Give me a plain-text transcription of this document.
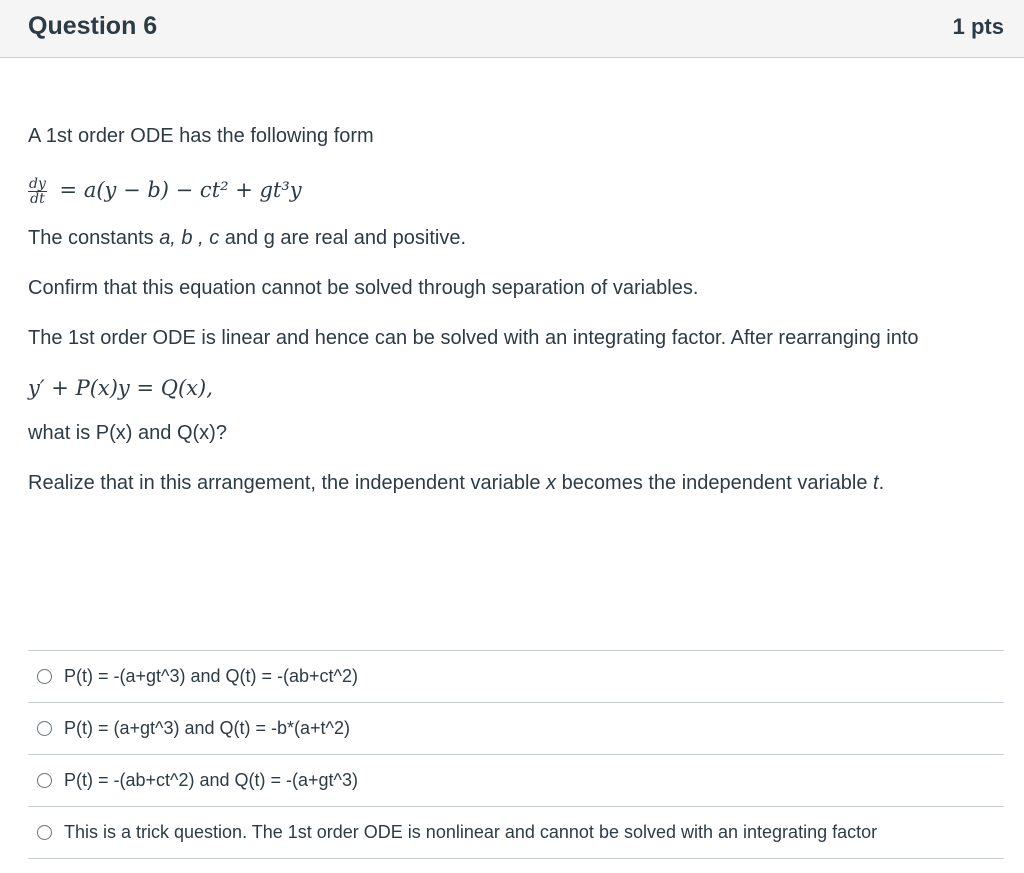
Question 6	1 pts

A 1st order ODE has the following form

$\frac{dy}{dt} = a(y - b) - ct^2 + gt^3y$

The constants a, b , c and g are real and positive.

Confirm that this equation cannot be solved through separation of variables.

The 1st order ODE is linear and hence can be solved with an integrating factor. After rearranging into

y′ + P(x)y = Q(x),

what is P(x) and Q(x)?

Realize that in this arrangement, the independent variable x becomes the independent variable t.

P(t) = -(a+gt^3) and Q(t) = -(ab+ct^2)
P(t) = (a+gt^3) and Q(t) = -b*(a+t^2)
P(t) = -(ab+ct^2) and Q(t) = -(a+gt^3)
This is a trick question. The 1st order ODE is nonlinear and cannot be solved with an integrating factor
